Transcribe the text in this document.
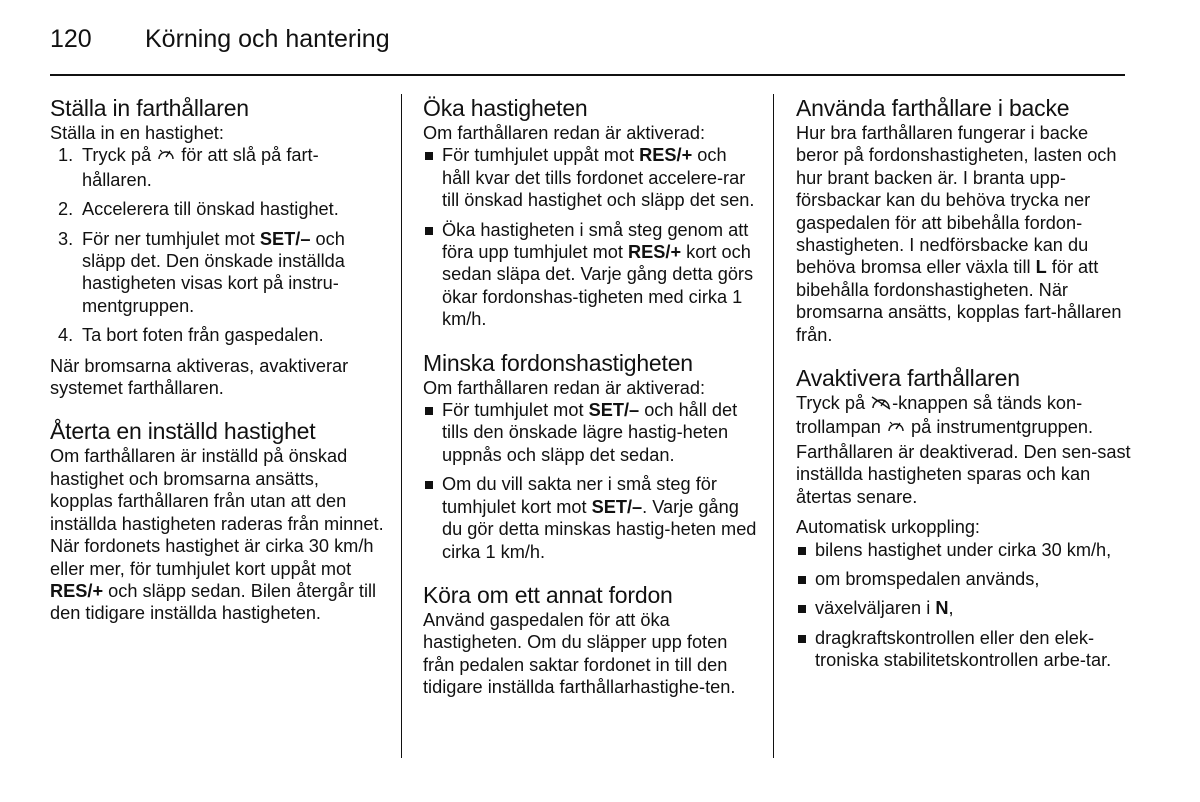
120 Körning och hantering
Ställa in farthållaren

Ställa in en hastighet:

1. Tryck på för att slå på fart-hållaren.
2. Accelerera till önskad hastighet.
3. För ner tumhjulet mot SET/– och släpp det. Den önskade inställda hastigheten visas kort på instru-mentgruppen.
4. Ta bort foten från gaspedalen.

När bromsarna aktiveras, avaktiverar systemet farthållaren.

Återta en inställd hastighet

Om farthållaren är inställd på önskad hastighet och bromsarna ansätts, kopplas farthållaren från utan att den inställda hastigheten raderas från minnet. När fordonets hastighet är cirka 30 km/h eller mer, för tumhjulet kort uppåt mot RES/+ och släpp sedan. Bilen återgår till den tidigare inställda hastigheten.

Öka hastigheten

Om farthållaren redan är aktiverad:

För tumhjulet uppåt mot RES/+ och håll kvar det tills fordonet accelere-rar till önskad hastighet och släpp det sen.
Öka hastigheten i små steg genom att föra upp tumhjulet mot RES/+ kort och sedan släpa det. Varje gång detta görs ökar fordonshas-tigheten med cirka 1 km/h.
Minska fordonshastigheten

Om farthållaren redan är aktiverad:

För tumhjulet mot SET/– och håll det tills den önskade lägre hastig-heten uppnås och släpp det sedan.
Om du vill sakta ner i små steg för tumhjulet kort mot SET/–. Varje gång du gör detta minskas hastig-heten med cirka 1 km/h.
Köra om ett annat fordon

Använd gaspedalen för att öka hastigheten. Om du släpper upp foten från pedalen saktar fordonet in till den tidigare inställda farthållarhastighe-ten.

Använda farthållare i backe

Hur bra farthållaren fungerar i backe beror på fordonshastigheten, lasten och hur brant backen är. I branta upp-försbackar kan du behöva trycka ner gaspedalen för att bibehålla fordon-shastigheten. I nedförsbacke kan du behöva bromsa eller växla till L för att bibehålla fordonshastigheten. När bromsarna ansätts, kopplas fart-hållaren från.

Avaktivera farthållaren

Tryck på -knappen så tänds kon-trollampan på instrumentgruppen. Farthållaren är deaktiverad. Den sen-sast inställda hastigheten sparas och kan återtas senare.

Automatisk urkoppling:

bilens hastighet under cirka 30 km/h,
om bromspedalen används,
växelväljaren i N,
dragkraftskontrollen eller den elek-troniska stabilitetskontrollen arbe-tar.
